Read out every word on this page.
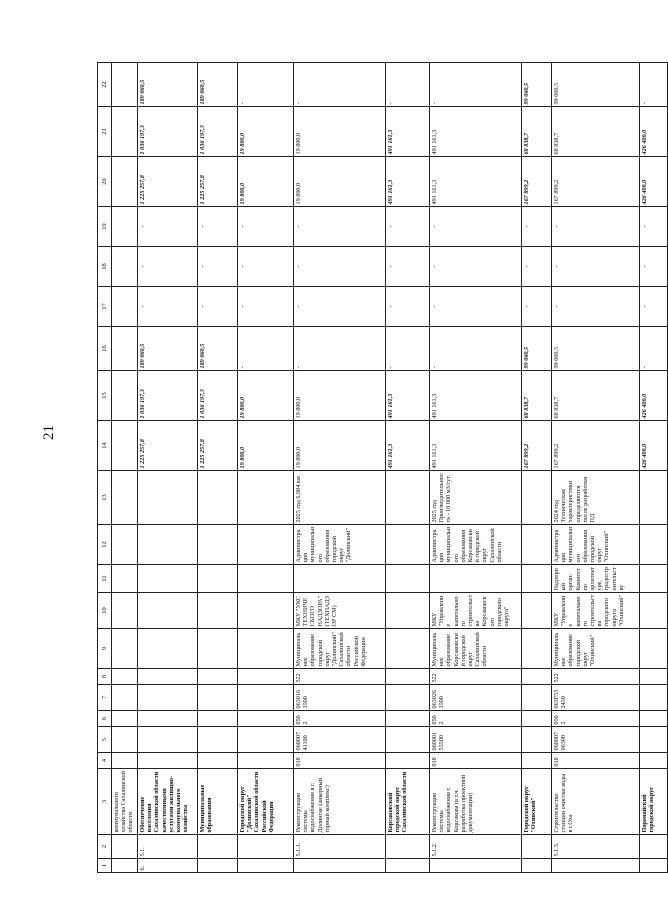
21
1	2	3	4	5	6	7	8	9	10	11	12	13	14	15	16	17	18	19	20	21	22
		коммунального хозяйства Сахалинской области																			
6.	5.1.	Обеспечение населения Сахалинской области качественными услугами жилищно-коммунального хозяйства											1 225 257,8	1 036 197,3	189 060,5	-	-	-	1 225 257,8	1 036 197,3	189 060,5
		Муниципальные образования											1 225 257,8	1 036 197,3	189 060,5	-	-	-	1 225 257,8	1 036 197,3	189 060,5
		Городской округ "Долинский" Сахалинской области Российской Федерации											19 800,0	19 800,0	-	-	-	-	19 800,0	19 800,0	-
	5.1.1.	Реконструкция системы водоснабжения в г. Долинске (анкерный горный комплекс)	018	060007 41100	050 2	063016 3500	522	Муниципальное образование городской округ "Долинский" Сахалинской области Российской Федерации	МКУ "УКС ТЕХНИЧЕСКОГО НАДЗОРА" (ТЕХНАДЗОР СМ)		Администрация муниципального образования городской округ "Долинский"	2025 год 6,984 км	19 800,0	19 800,0	-	-	-	-	19 800,0	19 800,0	-
		Корсаковский городской округ Сахалинской области											491 161,3	491 161,3	-	-	-	-	491 161,3	491 161,3	-
	5.1.2.	Реконструкция системы водоснабжения г. Корсакова (в т.ч. разработка проектной документации)	018	060001 55500	050 2	063026 3500	522	Муниципальное образование Корсаковский городской округ Сахалинской области	МКУ "Управление капитального строительства Корсаковского городского округа"		Администрация муниципального образования Корсаковский городской округ Сахалинской области	2025 год Производительность - 10 000 м3/сут.	491 161,3	491 161,3	-	-	-	-	491 161,3	491 161,3	-
		Городской округ "Охинский"											167 899,2	68 838,7	99 060,5	-	-	-	167 899,2	68 838,7	99 060,5
	5.1.3.	Строительство станции очистки воды в г.Оха	018	060007 06300	050 2	063F55 2430	522	Муниципальное образование городской округ "Охинский"	МКУ "Управление капитального строительства городского округа "Охинский"	Надзорный орган: Комитет по архитектуре, градостроительству	Администрация муниципального образования городской округ "Охинский"	2024 год Технические характеристики определяются после разработки ПД	167 899,2	68 838,7	99 060,5	-	-	-	167 899,2	68 838,7	99 060,5
		Поронайский городской округ											426 400,0	426 400,0	-	-	-	-	426 400,0	426 400,0	-
